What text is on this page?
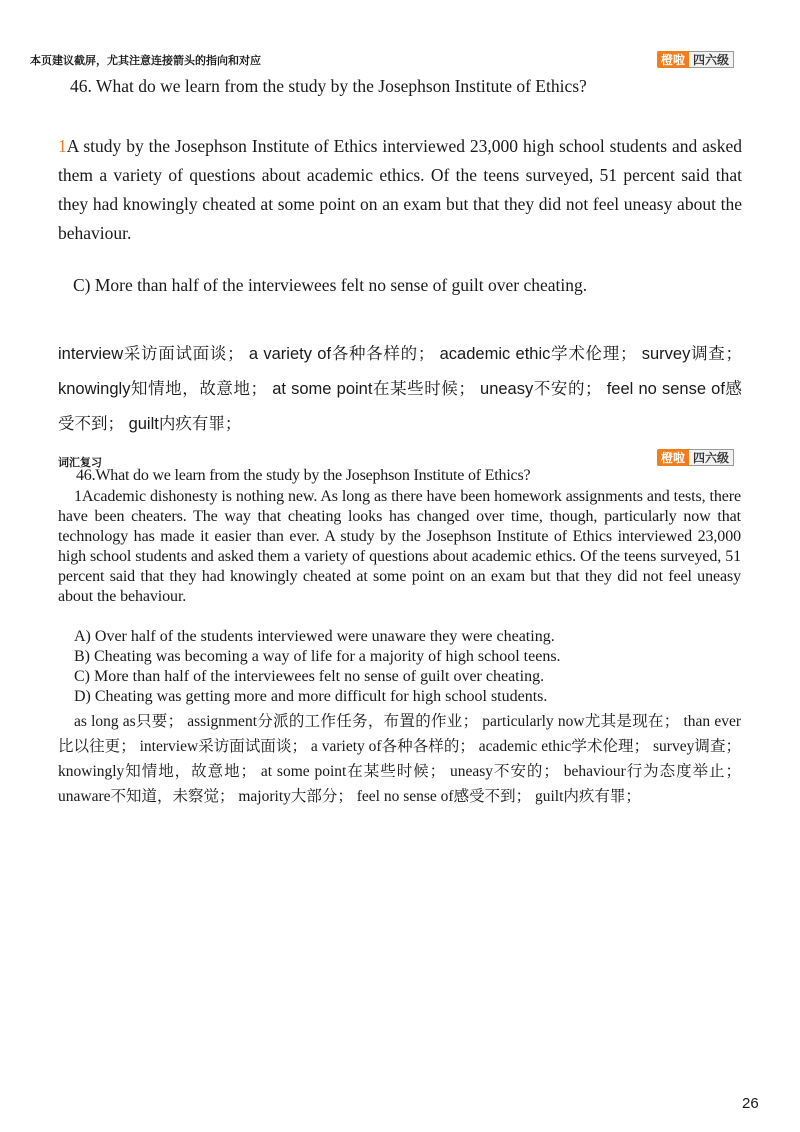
本页建议截屏，尤其注意连接箭头的指向和对应	橙啦 四六级
46. What do we learn from the study by the Josephson Institute of Ethics?
1A study by the Josephson Institute of Ethics interviewed 23,000 high school students and asked them a variety of questions about academic ethics. Of the teens surveyed, 51 percent said that they had knowingly cheated at some point on an exam but that they did not feel uneasy about the behaviour.
C) More than half of the interviewees felt no sense of guilt over cheating.
interview采访面试面谈； a variety of各种各样的； academic ethic学术伦理； survey调查； knowingly知情地，故意地； at some point在某些时候； uneasy不安的； feel no sense of感受不到； guilt内疚有罪；
词汇复习	橙啦 四六级
46.What do we learn from the study by the Josephson Institute of Ethics?
1Academic dishonesty is nothing new. As long as there have been homework assignments and tests, there have been cheaters. The way that cheating looks has changed over time, though, particularly now that technology has made it easier than ever. A study by the Josephson Institute of Ethics interviewed 23,000 high school students and asked them a variety of questions about academic ethics. Of the teens surveyed, 51 percent said that they had knowingly cheated at some point on an exam but that they did not feel uneasy about the behaviour.
A) Over half of the students interviewed were unaware they were cheating.
B) Cheating was becoming a way of life for a majority of high school teens.
C) More than half of the interviewees felt no sense of guilt over cheating.
D) Cheating was getting more and more difficult for high school students.
as long as只要； assignment分派的工作任务，布置的作业； particularly now尤其是现在； than ever比以往更； interview采访面试面谈； a variety of各种各样的； academic ethic学术伦理； survey调查； knowingly知情地，故意地； at some point在某些时候； uneasy不安的； behaviour行为态度举止； unaware不知道，未察觉； majority大部分； feel no sense of感受不到； guilt内疚有罪；
26
